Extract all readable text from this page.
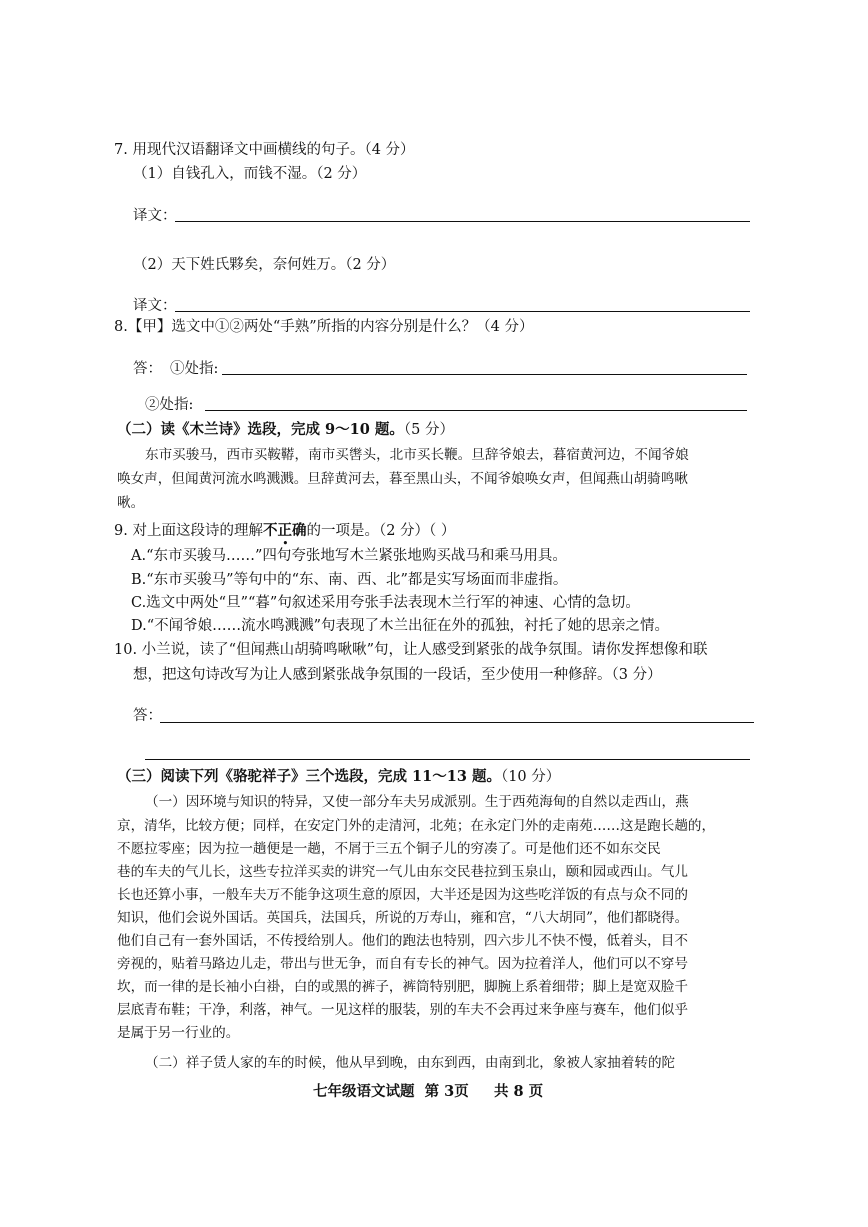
7. 用现代汉语翻译文中画横线的句子。（4 分）
（1）自钱孔入，而钱不湿。（2 分）
译文：
（2）天下姓氏夥矣，奈何姓万。（2 分）
译文：
8.【甲】选文中①②两处“手熟”所指的内容分别是什么？（4 分）
答： ①处指:
②处指:
（二）读《木兰诗》选段，完成 9～10 题。（5 分）
东市买骏马，西市买鞍鞯，南市买辔头，北市买长鞭。旦辞爷娘去，暮宿黄河边，不闻爷娘
唤女声，但闻黄河流水鸣溅溅。旦辞黄河去，暮至黑山头，不闻爷娘唤女声，但闻燕山胡骑鸣啾
啾。
9. 对上面这段诗的理解不正确的一项是。（2 分）（ ）
A.“东市买骏马……”四句夸张地写木兰紧张地购买战马和乘马用具。
B.“东市买骏马”等句中的“东、南、西、北”都是实写场面而非虚指。
C.选文中两处“旦”“暮”句叙述采用夸张手法表现木兰行军的神速、心情的急切。
D.“不闻爷娘……流水鸣溅溅”句表现了木兰出征在外的孤独，衬托了她的思亲之情。
10. 小兰说，读了“但闻燕山胡骑鸣啾啾”句，让人感受到紧张的战争氛围。请你发挥想像和联
想，把这句诗改写为让人感到紧张战争氛围的一段话，至少使用一种修辞。（3 分）
答：
（三）阅读下列《骆驼祥子》三个选段，完成 11～13 题。（10 分）
（一）因环境与知识的特异，又使一部分车夫另成派别。生于西苑海甸的自然以走西山，燕
京，清华，比较方便；同样，在安定门外的走清河，北苑；在永定门外的走南苑……这是跑长趟的，
不愿拉零座；因为拉一趟便是一趟，不屑于三五个铜子儿的穷凑了。可是他们还不如东交民
巷的车夫的气儿长，这些专拉洋买卖的讲究一气儿由东交民巷拉到玉泉山，颐和园或西山。气儿
长也还算小事，一般车夫万不能争这项生意的原因，大半还是因为这些吃洋饭的有点与众不同的
知识，他们会说外国话。英国兵，法国兵，所说的万寿山，雍和宫，“八大胡同”，他们都晓得。
他们自己有一套外国话，不传授给别人。他们的跑法也特别，四六步儿不快不慢，低着头，目不
旁视的，贴着马路边儿走，带出与世无争，而自有专长的神气。因为拉着洋人，他们可以不穿号
坎，而一律的是长袖小白褂，白的或黑的裤子，裤筒特别肥，脚腕上系着细带；脚上是宽双脸千
层底青布鞋；干净，利落，神气。一见这样的服装，别的车夫不会再过来争座与赛车，他们似乎
是属于另一行业的。
（二）祥子赁人家的车的时候，他从早到晚，由东到西，由南到北，象被人家抽着转的陀
七年级语文试题 第 3页 共 8 页
